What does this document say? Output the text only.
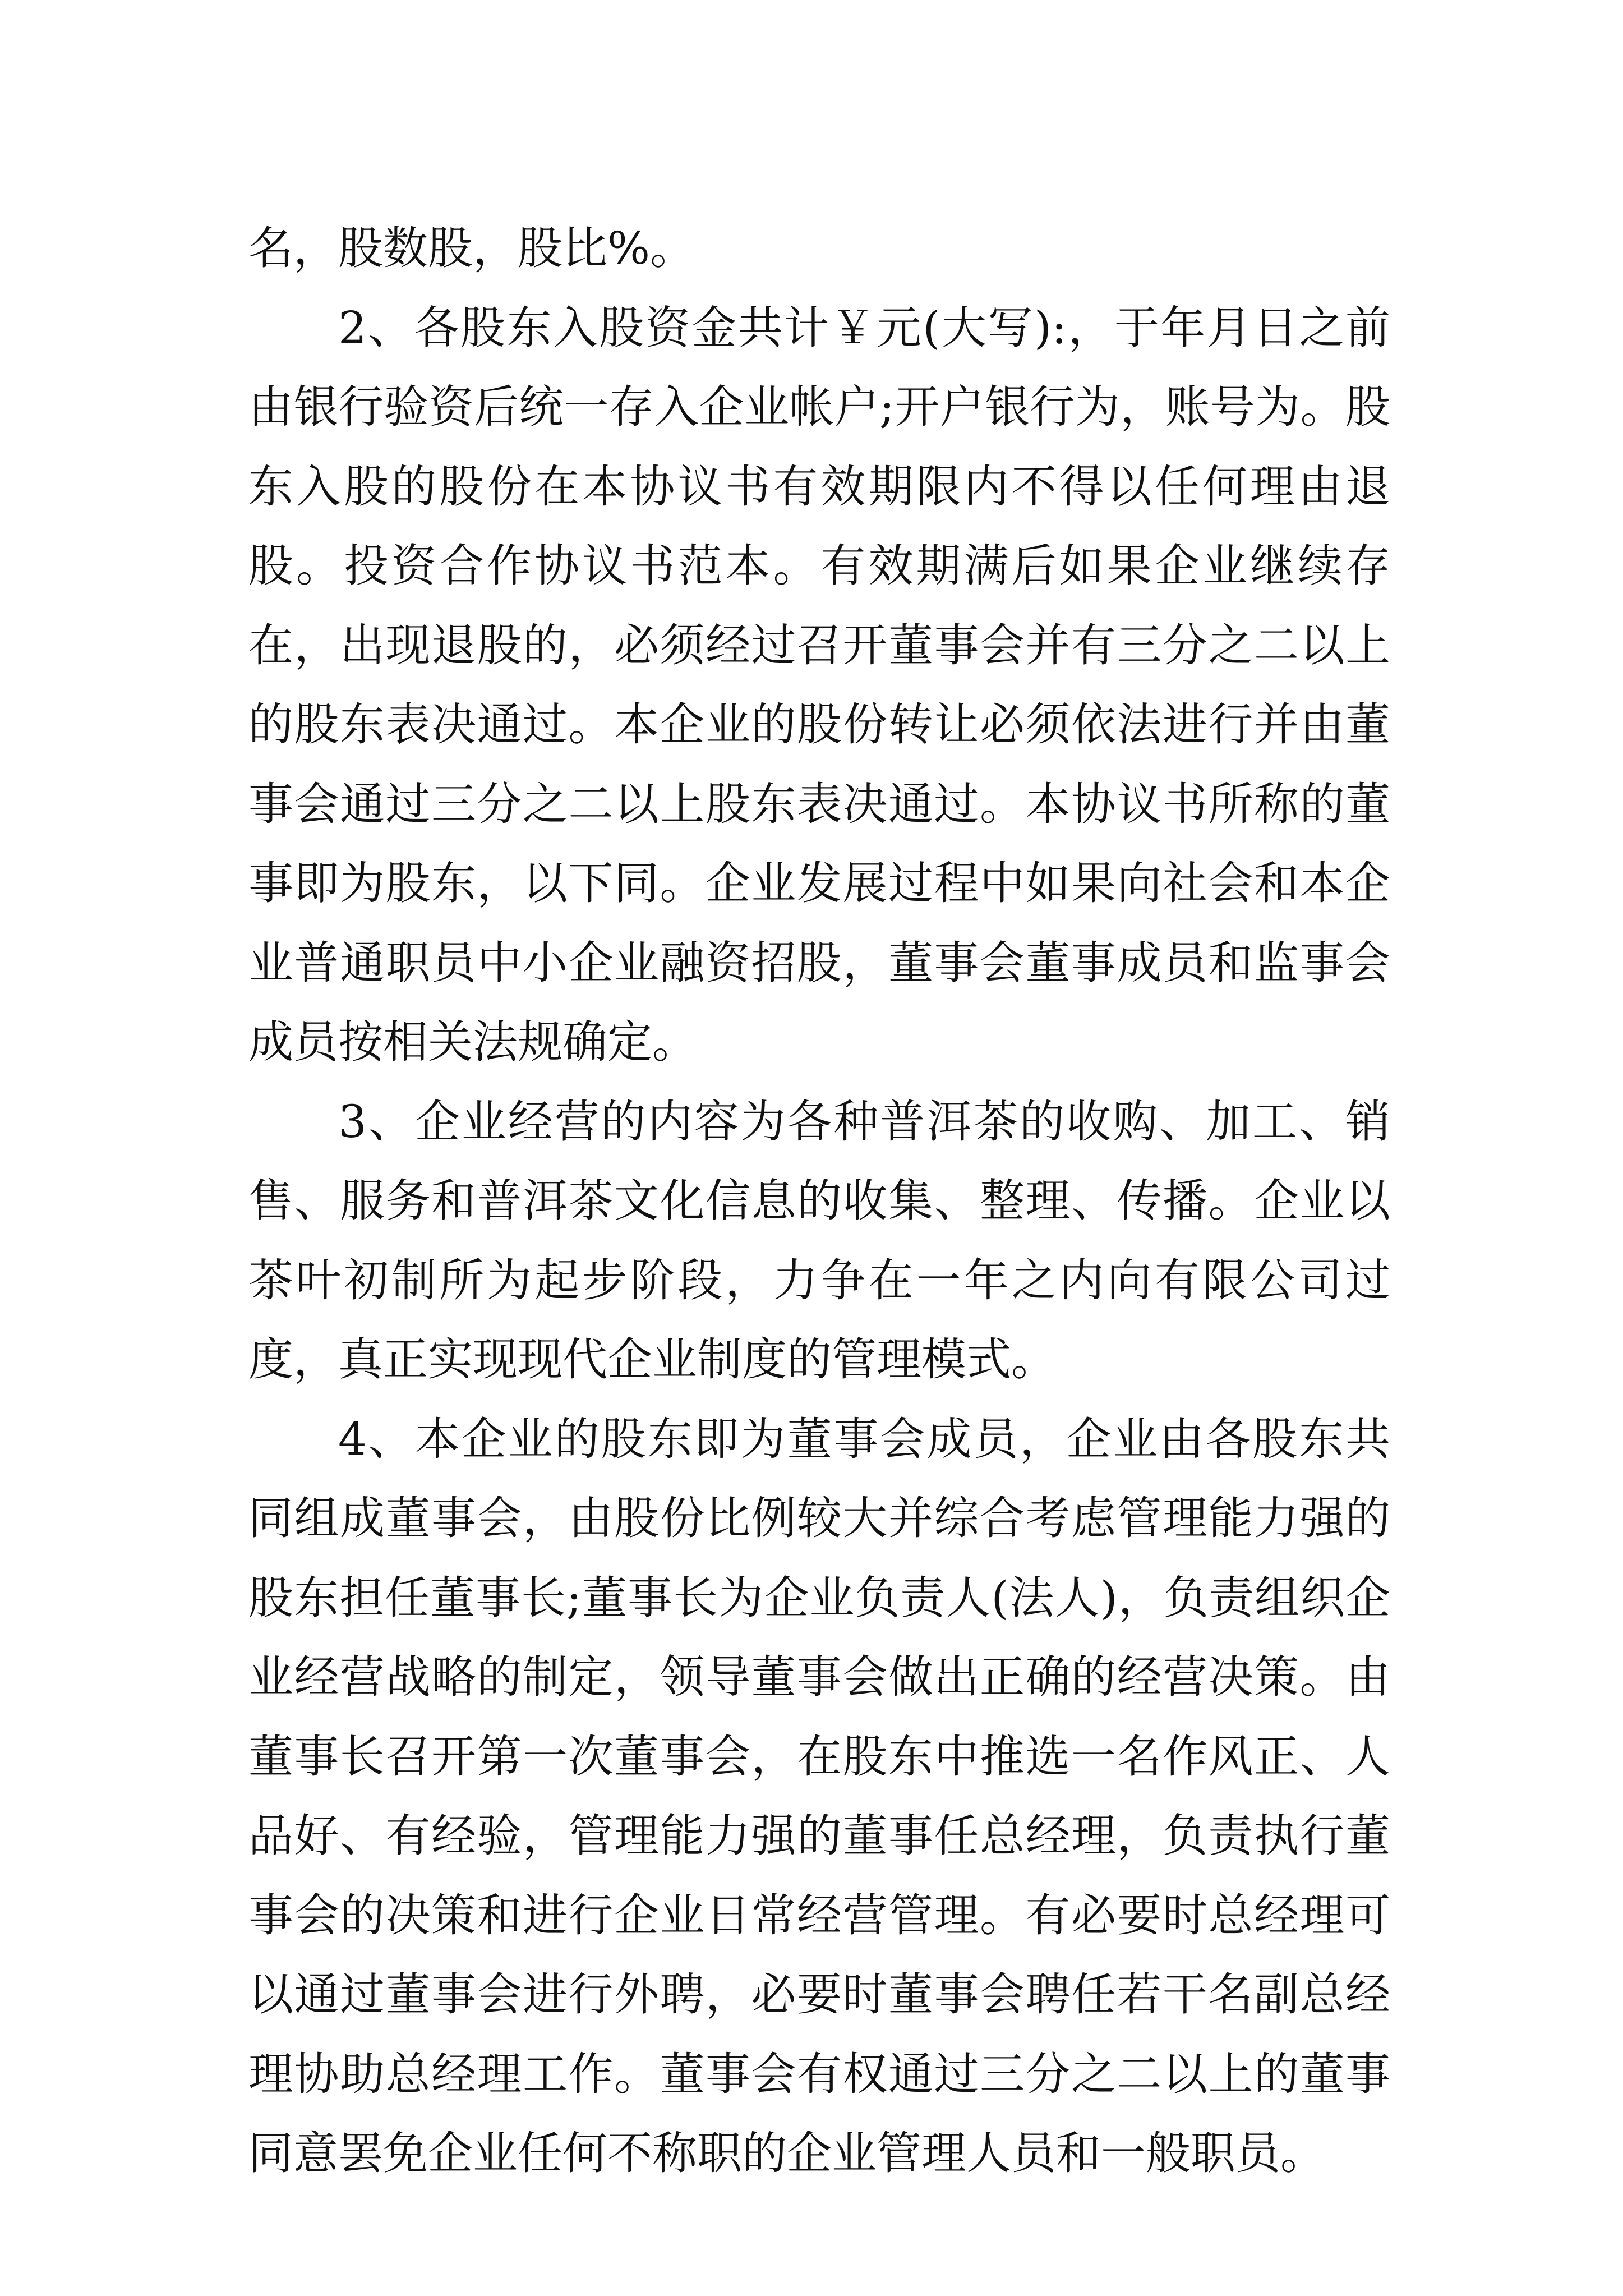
名，股数股，股比%。

2、各股东入股资金共计￥元(大写):，于年月日之前由银行验资后统一存入企业帐户;开户银行为，账号为。股东入股的股份在本协议书有效期限内不得以任何理由退股。投资合作协议书范本。有效期满后如果企业继续存在，出现退股的，必须经过召开董事会并有三分之二以上的股东表决通过。本企业的股份转让必须依法进行并由董事会通过三分之二以上股东表决通过。本协议书所称的董事即为股东，以下同。企业发展过程中如果向社会和本企业普通职员中小企业融资招股，董事会董事成员和监事会成员按相关法规确定。

3、企业经营的内容为各种普洱茶的收购、加工、销售、服务和普洱茶文化信息的收集、整理、传播。企业以茶叶初制所为起步阶段，力争在一年之内向有限公司过度，真正实现现代企业制度的管理模式。

4、本企业的股东即为董事会成员，企业由各股东共同组成董事会，由股份比例较大并综合考虑管理能力强的股东担任董事长;董事长为企业负责人(法人)，负责组织企业经营战略的制定，领导董事会做出正确的经营决策。由董事长召开第一次董事会，在股东中推选一名作风正、人品好、有经验，管理能力强的董事任总经理，负责执行董事会的决策和进行企业日常经营管理。有必要时总经理可以通过董事会进行外聘，必要时董事会聘任若干名副总经理协助总经理工作。董事会有权通过三分之二以上的董事同意罢免企业任何不称职的企业管理人员和一般职员。
